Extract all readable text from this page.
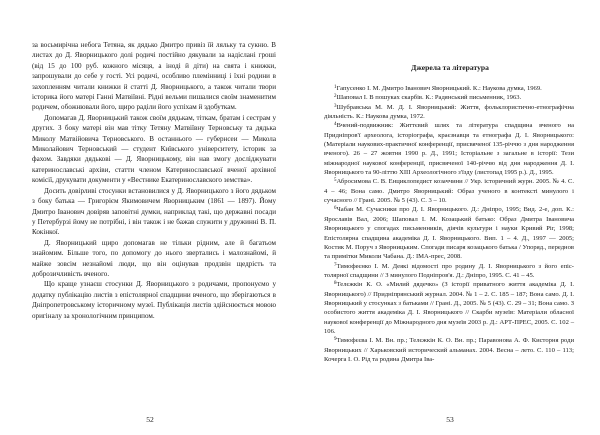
за восьмирічна небога Тетяна, як дядько Дмитро привіз їй ляльку та сукню. В листах до Д. Яворницького долі родичі постійно дякували за надіслані гроші (від 15 до 100 руб. кожного місяця, а іноді й діти) на свята і книжки, запрошували до себе у гості. Усі родичі, особливо племінниці і їхні родини в захопленням читали книжки й статті Д. Яворницького, а також читали твори історика його матері Ганні Матвіївні. Рідні вельми пишалися своїм знаменитим родичем, обожнювали його, щиро раділи його успіхам й здобуткам.

Допомагав Д. Яворницький також своїм дядькам, тіткам, братам і сестрам у других. З боку матері він мав тітку Тетяну Матвіївну Терновську та дядька Миколу Матвійовича Терновського. В останнього — губернсеи — Микола Миколайович Терновський — студент Київського університету, історик за фахом. Завдяки дядькові — Д. Яворницькому, він нав змогу досліджувати катеринославські архіви, статти членом Катеринославської вченої архівної комісії, друкувати документи у «Вестнике Екатеринославского земства».

Досить довірливі стосунки встановилися у Д. Яворницького з його дядьком з боку батька — Григорієм Якимовичем Яворницьким (1861 — 1897). Йому Дмитро Іванович довіряв заповітні думки, наприклад такі, що державні посади у Петербурзі йому не потрібні, і він також і не бажав служити у дружинні В. П. Кокінкої.

Д. Яворницький щиро допомагав не тільки рідним, але й багатьом знайомим. Більше того, по допомогу до нього звертались і малознайомі, й майже зовсім незнайомі люди, що він оцінував продзвін щедрість та доброзичливість вченого.

Що краще узнаєш стосунки Д. Яворницького з родичами, пропонуємо у додатку публікацію листів з епістолярної спадщини вченого, що зберігаються в Дніпропетровському історичному музеї. Публікація листів здійснюється мовою оригіналу за хронологічним принципом.

52
Джерела та література

$^1$Гапусенко І. М. Дмитро Іванович Яворницький. К.: Наукова думка, 1969.

$^2$Шаповал І. В пошуках скарбів. К.: Радянський письменник, 1963.

$^3$Шубравська М. М. Д. І. Яворницький: Життя, фольклористично-етнографічна діяльність. К.: Наукова думка, 1972.

$^4$Вчений-подвижник: Життєвий шлях та література спадщина вченого на Придніпров'ї археолога, історіографа, краєзнавця та етнографа Д. І. Яворницького: (Матеріали наукових-практичної конференції, присвяченої 135-річчю з дня народження вченого). 26 – 27 жовтня 1990 р. Д., 1991; Історіальне з загальне в історії: Тези міжнародної наукової конференції, присвяченої 140-річчю від дня народження Д. І. Яворницького та 90-літтю XIII Археологічного з'їзду (листопад 1995 р.). Д., 1995.

$^5$Абросимова С. В. Енциклопедист козаччини // Укр. історичний журн. 2005. № 4. С. 4 – 46; Вона само. Дмитро Яворницький: Образ ученого в контексті минулого і сучасного // Грані. 2005. № 5 (43). С. 3 – 10.

$^6$Чабан М. Сучасники про Д. І. Яворницького. Д.: Дніпро, 1995; Вид. 2-е, доп. К.: Ярославів Вал, 2006; Шаповал І. М. Козацький батько: Образ Дмитра Івановича Яворницького у спогадах письменників, діячів культури і науки Кривий Ріг, 1998; Епістолярна спадщина академіка Д. І. Яворницького. Вип. 1 – 4. Д., 1997 — 2005; Костик М. Поруч з Яворницьким. Спогади писаря козацького батька / Упоряд., переднов та примітки Миколи Чабана. Д.: ІМА-прес, 2008.

$^7$Тимофеєнко І. М. Деякі відомості про родину Д. І. Яворницького з його епістолярної спадщини // З минулого Подніпров'я. Д.: Дніпро, 1995. С. 41 – 45.

$^8$Телєжкін К. О. «Милий дядечко» (З історії приватного життя академіка Д. І. Яворницького) // Придніпрянський журнал. 2004. № 1 – 2. С. 185 – 187; Вона само. Д. І. Яворницький у стосунках з батьками // Грані. Д., 2005. № 5 (43). С. 29 – 31; Вона само. З особистого життя академіка Д. І. Яворницького // Скарби музеїв: Матеріали обласної наукової конференції до Міжнародного дня музеїв 2003 р. Д.: АРТ-ПРЕС, 2005. С. 102 – 106.

$^9$Тимофєєва І. М. Вн. пр.; Телєжкін К. О. Вн. пр.; Паравонова А. Ф. Кисторня роди Яворницьких // Харьковский исторический альманах. 2004. Весна – лето. С. 110 – 113; Кочерга І. О. Рід та родина Дмитра Іва-

53
